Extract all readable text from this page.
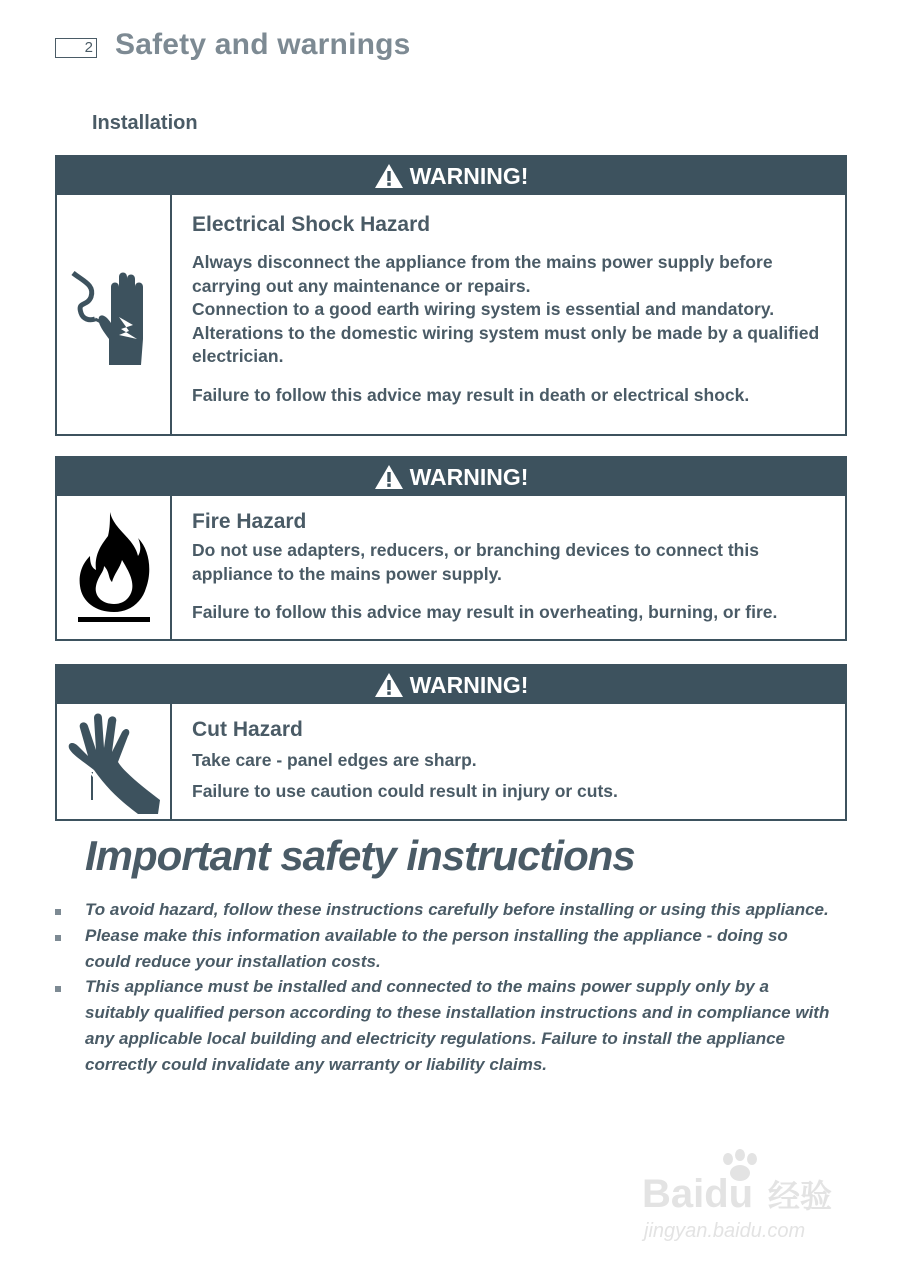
2 Safety and warnings
Installation
WARNING!

Electrical Shock Hazard

Always disconnect the appliance from the mains power supply before carrying out any maintenance or repairs.

Connection to a good earth wiring system is essential and mandatory.

Alterations to the domestic wiring system must only be made by a qualified electrician.

Failure to follow this advice may result in death or electrical shock.

WARNING!

Fire Hazard

Do not use adapters, reducers, or branching devices to connect this appliance to the mains power supply.

Failure to follow this advice may result in overheating, burning, or fire.

WARNING!

Cut Hazard

Take care - panel edges are sharp.

Failure to use caution could result in injury or cuts.

Important safety instructions
To avoid hazard, follow these instructions carefully before installing or using this appliance.
Please make this information available to the person installing the appliance - doing so could reduce your installation costs.
This appliance must be installed and connected to the mains power supply only by a suitably qualified person according to these installation instructions and in compliance with any applicable local building and electricity regulations. Failure to install the appliance correctly could invalidate any warranty or liability claims.
Baidu 经验
jingyan.baidu.com
